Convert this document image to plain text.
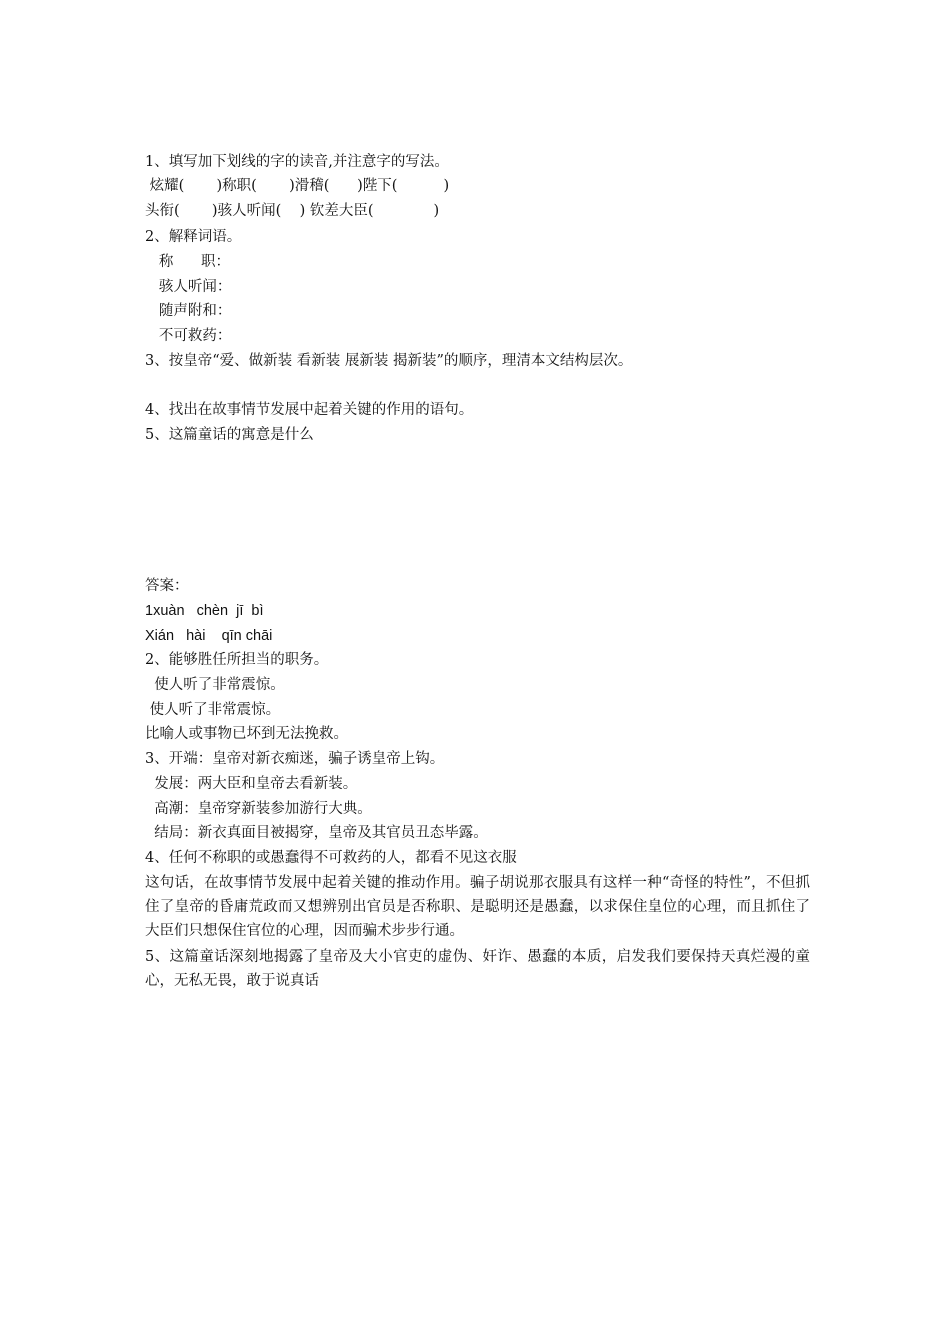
1、填写加下划线的字的读音,并注意字的写法。
炫耀(       )称职(       )滑稽(      )陛下(          )
头衔(       )骇人听闻(    ) 钦差大臣(             )
2、解释词语。
称      职：
骇人听闻：
随声附和：
不可救药：
3、按皇帝“爱、做新装 看新装 展新装 揭新装”的顺序，理清本文结构层次。
4、找出在故事情节发展中起着关键的作用的语句。
5、这篇童话的寓意是什么
答案：
1xuàn   chèn  jī  bì
Xián   hài    qīn chāi
2、能够胜任所担当的职务。
使人听了非常震惊。
使人听了非常震惊。
比喻人或事物已坏到无法挽救。
3、开端：皇帝对新衣痴迷，骗子诱皇帝上钩。
发展：两大臣和皇帝去看新装。
高潮：皇帝穿新装参加游行大典。
结局：新衣真面目被揭穿，皇帝及其官员丑态毕露。
4、任何不称职的或愚蠢得不可救药的人，都看不见这衣服
这句话，在故事情节发展中起着关键的推动作用。骗子胡说那衣服具有这样一种“奇怪的特性”，不但抓住了皇帝的昏庸荒政而又想辨别出官员是否称职、是聪明还是愚蠢，以求保住皇位的心理，而且抓住了大臣们只想保住官位的心理，因而骗术步步行通。
5、这篇童话深刻地揭露了皇帝及大小官吏的虚伪、奸诈、愚蠢的本质，启发我们要保持天真烂漫的童心，无私无畏，敢于说真话
